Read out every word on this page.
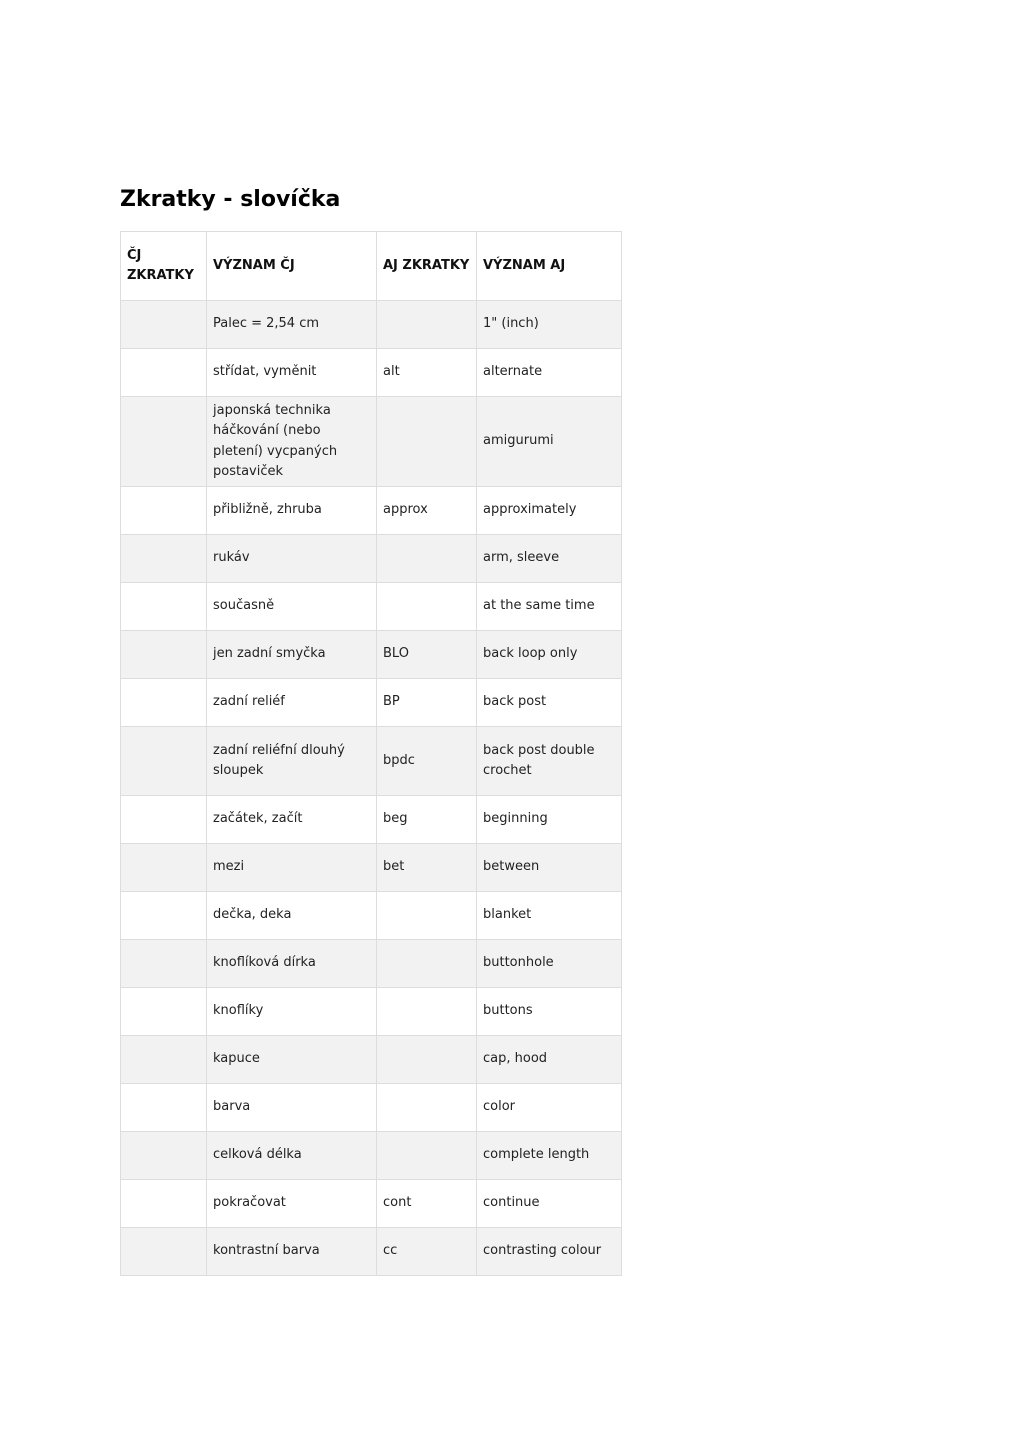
Zkratky - slovíčka
ČJ ZKRATKY	VÝZNAM ČJ	AJ ZKRATKY	VÝZNAM AJ

	Palec = 2,54 cm		1" (inch)

	střídat, vyměnit	alt	alternate

	japonská technika háčkování (nebo pletení) vycpaných postaviček		amigurumi

	přibližně, zhruba	approx	approximately

	rukáv		arm, sleeve

	současně		at the same time

	jen zadní smyčka	BLO	back loop only

	zadní reliéf	BP	back post

	zadní reliéfní dlouhý sloupek	bpdc	back post double crochet

	začátek, začít	beg	beginning

	mezi	bet	between

	dečka, deka		blanket

	knoflíková dírka		buttonhole

	knoflíky		buttons

	kapuce		cap, hood

	barva		color

	celková délka		complete length

	pokračovat	cont	continue

	kontrastní barva	cc	contrasting colour
